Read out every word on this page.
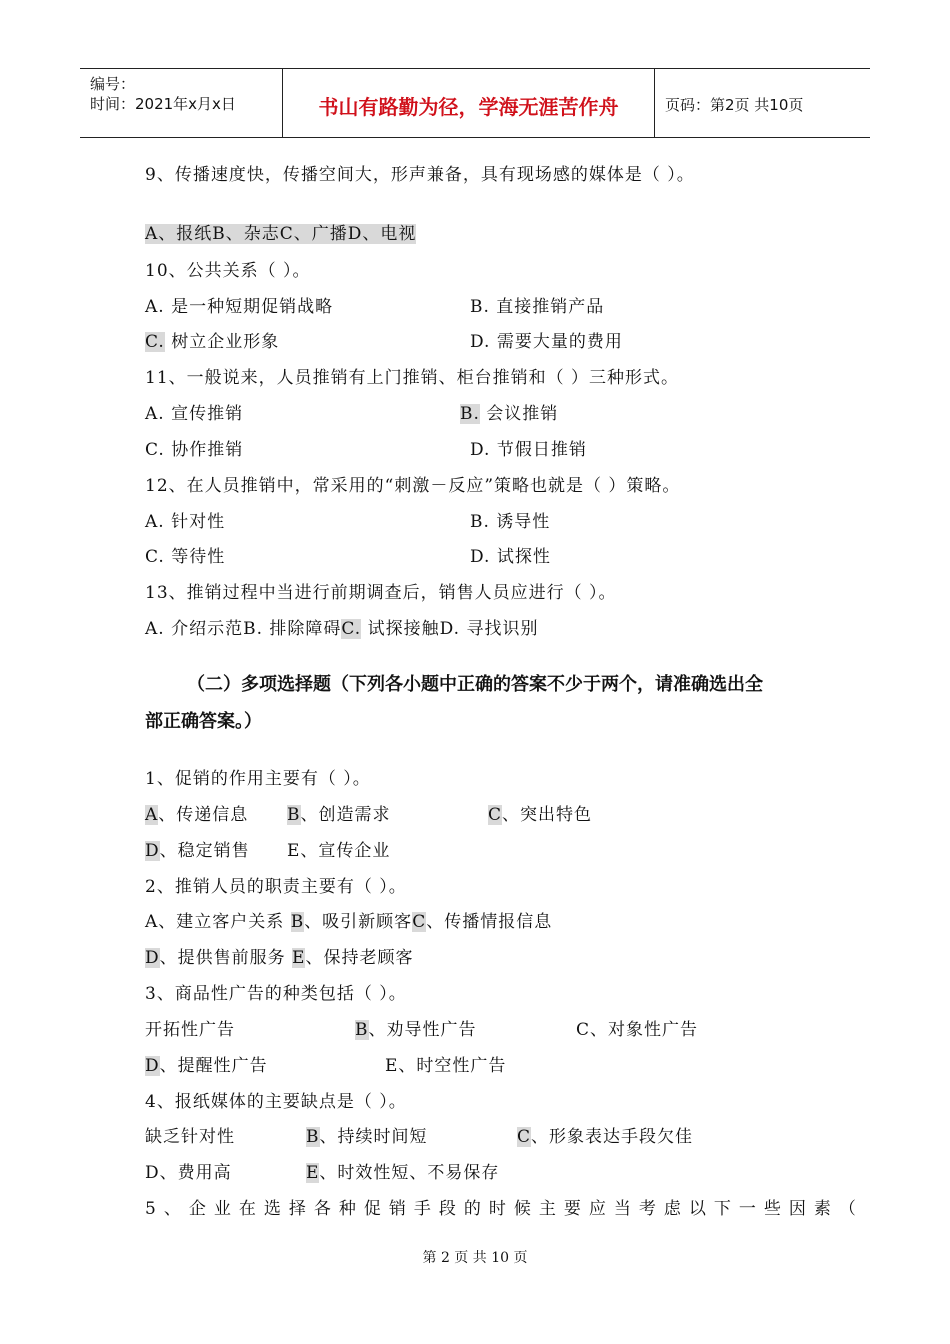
编号：
时间：2021年x月x日	书山有路勤为径，学海无涯苦作舟	页码：第2页 共10页
9、传播速度快，传播空间大，形声兼备，具有现场感的媒体是（ ）。
A、报纸B、杂志C、广播D、电视
10、公共关系（ ）。
A. 是一种短期促销战略	B. 直接推销产品
C. 树立企业形象	D. 需要大量的费用
11、一般说来，人员推销有上门推销、柜台推销和（ ）三种形式。
A. 宣传推销	B. 会议推销
C. 协作推销	D. 节假日推销
12、在人员推销中，常采用的“刺激－反应”策略也就是（ ）策略。
A. 针对性	B. 诱导性
C. 等待性	D. 试探性
13、推销过程中当进行前期调查后，销售人员应进行（ ）。
A. 介绍示范B. 排除障碍C. 试探接触D. 寻找识别
（二）多项选择题（下列各小题中正确的答案不少于两个，请准确选出全
部正确答案。）
1、促销的作用主要有（ ）。
A、传递信息 B、创造需求	C、突出特色
D、稳定销售 E、宣传企业
2、推销人员的职责主要有（ ）。
A、建立客户关系 B、吸引新顾客C、传播情报信息
D、提供售前服务 E、保持老顾客
3、商品性广告的种类包括（ ）。
开拓性广告	B、劝导性广告	C、对象性广告
D、提醒性广告	E、时空性广告
4、报纸媒体的主要缺点是（ ）。
缺乏针对性	B、持续时间短	C、形象表达手段欠佳
D、费用高	E、时效性短、不易保存
5、企业在选择各种促销手段的时候主要应当考虑以下一些因素（
第 2 页 共 10 页
